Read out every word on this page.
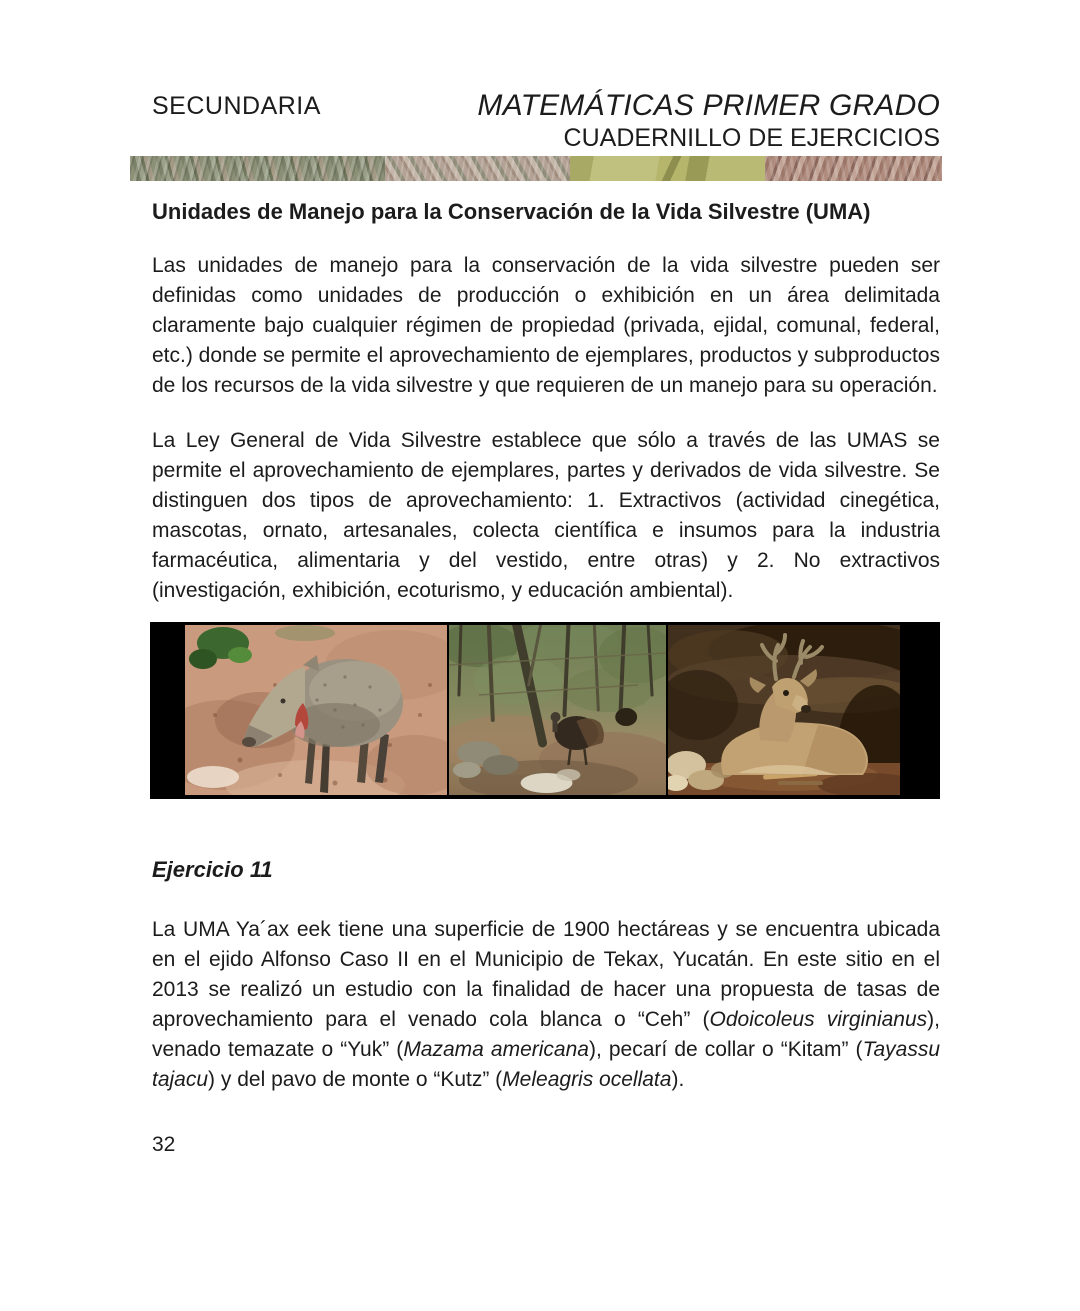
SECUNDARIA	MATEMÁTICAS PRIMER GRADO
CUADERNILLO DE EJERCICIOS
Unidades de Manejo para la Conservación de la Vida Silvestre (UMA)

Las unidades de manejo para la conservación de la vida silvestre pueden ser definidas como unidades de producción o exhibición en un área delimitada claramente bajo cualquier régimen de propiedad (privada, ejidal, comunal, federal, etc.) donde se permite el aprovechamiento de ejemplares, productos y subproductos de los recursos de la vida silvestre y que requieren de un manejo para su operación.

La Ley General de Vida Silvestre establece que sólo a través de las UMAS se permite el aprovechamiento de ejemplares, partes y derivados de vida silvestre. Se distinguen dos tipos de aprovechamiento: 1. Extractivos (actividad cinegética, mascotas, ornato, artesanales, colecta científica e insumos para la industria farmacéutica, alimentaria y del vestido, entre otras) y 2. No extractivos (investigación, exhibición, ecoturismo, y educación ambiental).

Ejercicio 11

La UMA Ya´ax eek tiene una superficie de 1900 hectáreas y se encuentra ubicada en el ejido Alfonso Caso II en el Municipio de Tekax, Yucatán. En este sitio en el 2013 se realizó un estudio con la finalidad de hacer una propuesta de tasas de aprovechamiento para el venado cola blanca o “Ceh” (Odoicoleus virginianus), venado temazate o “Yuk” (Mazama americana), pecarí de collar o “Kitam” (Tayassu tajacu) y del pavo de monte o “Kutz” (Meleagris ocellata).

32
